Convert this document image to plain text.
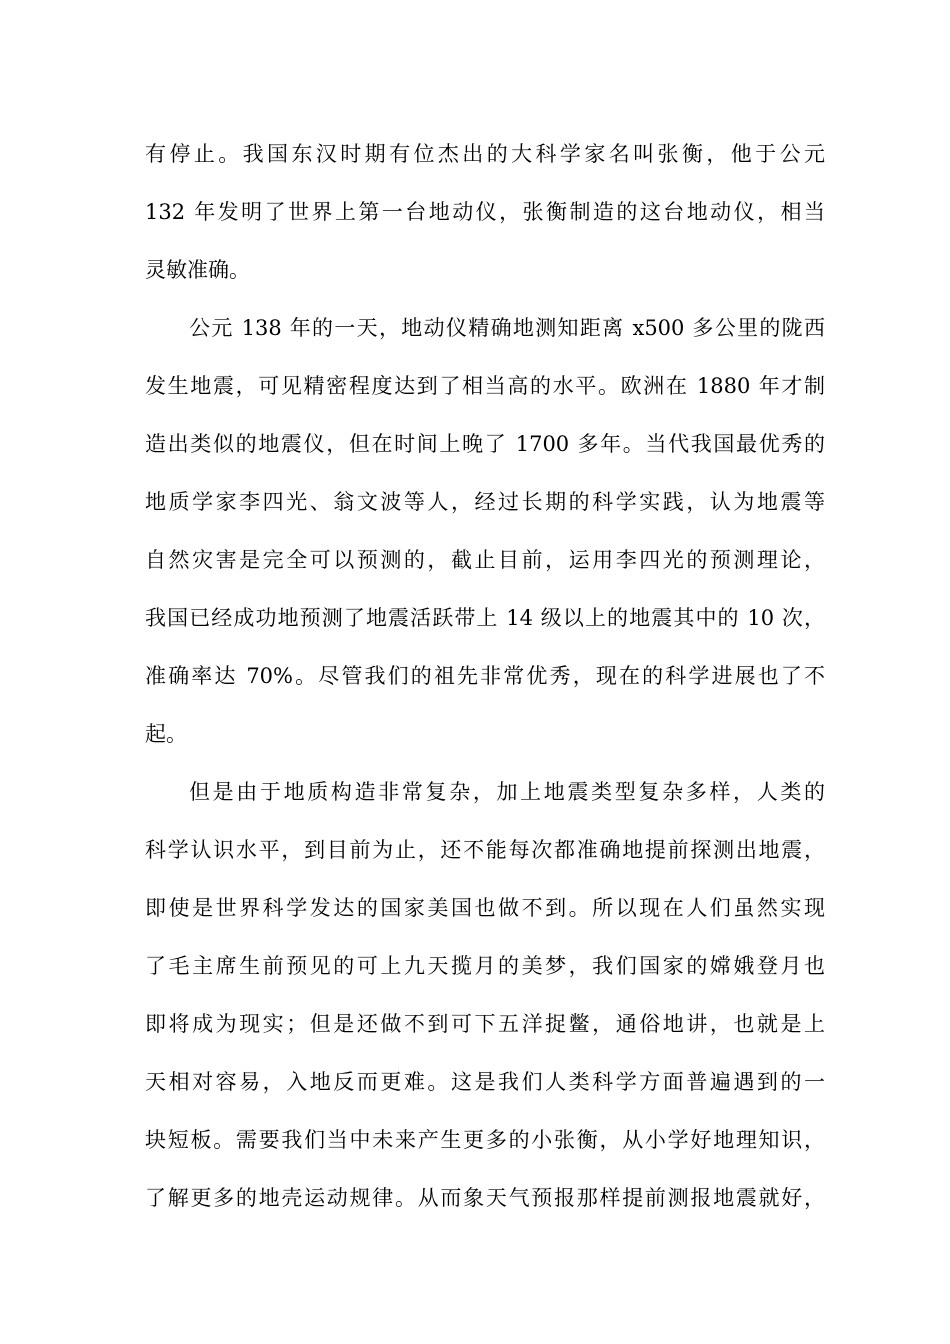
有停止。我国东汉时期有位杰出的大科学家名叫张衡，他于公元
132 年发明了世界上第一台地动仪，张衡制造的这台地动仪，相当
灵敏准确。
公元 138 年的一天，地动仪精确地测知距离 x500 多公里的陇西
发生地震，可见精密程度达到了相当高的水平。欧洲在 1880 年才制
造出类似的地震仪，但在时间上晚了 1700 多年。当代我国最优秀的
地质学家李四光、翁文波等人，经过长期的科学实践，认为地震等
自然灾害是完全可以预测的，截止目前，运用李四光的预测理论，
我国已经成功地预测了地震活跃带上 14 级以上的地震其中的 10 次，
准确率达 70%。尽管我们的祖先非常优秀，现在的科学进展也了不
起。
但是由于地质构造非常复杂，加上地震类型复杂多样，人类的
科学认识水平，到目前为止，还不能每次都准确地提前探测出地震，
即使是世界科学发达的国家美国也做不到。所以现在人们虽然实现
了毛主席生前预见的可上九天揽月的美梦，我们国家的嫦娥登月也
即将成为现实；但是还做不到可下五洋捉鳖，通俗地讲，也就是上
天相对容易，入地反而更难。这是我们人类科学方面普遍遇到的一
块短板。需要我们当中未来产生更多的小张衡，从小学好地理知识，
了解更多的地壳运动规律。从而象天气预报那样提前测报地震就好，
